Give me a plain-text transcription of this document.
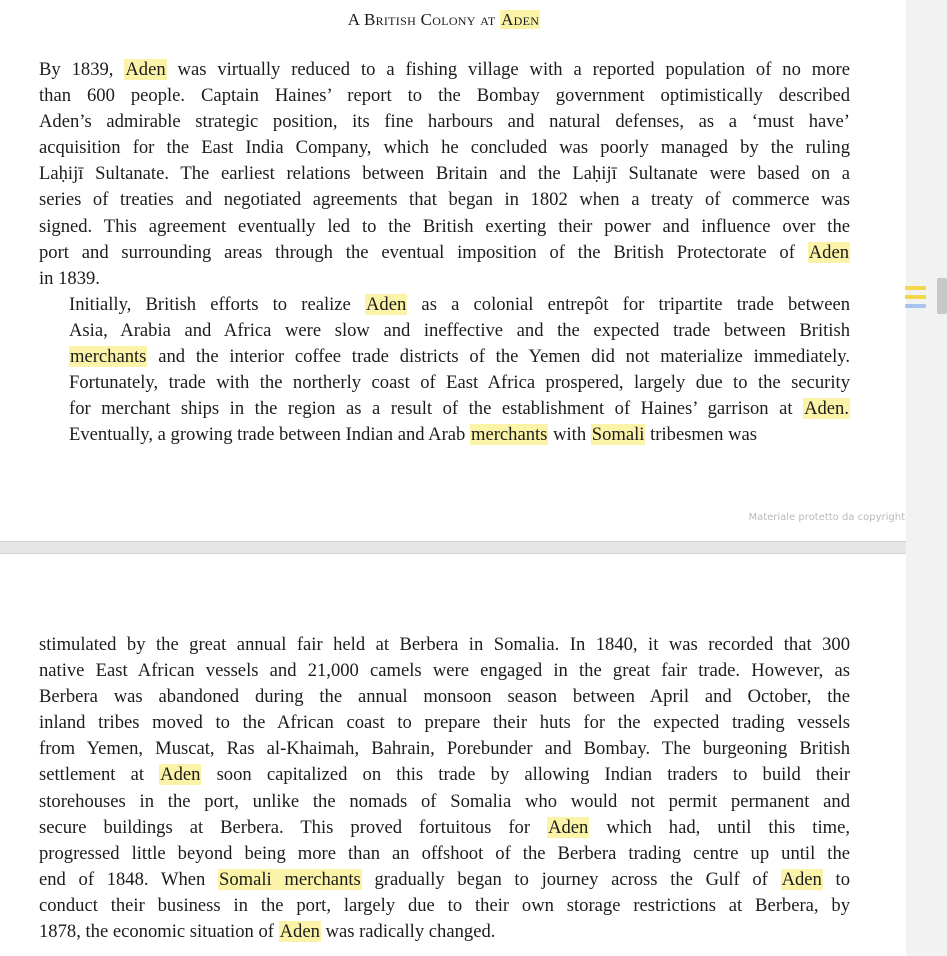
A British Colony at Aden

By 1839, Aden was virtually reduced to a fishing village with a reported population of no more
than 600 people. Captain Haines’ report to the Bombay government optimistically described
Aden’s admirable strategic position, its fine harbours and natural defenses, as a ‘must have’
acquisition for the East India Company, which he concluded was poorly managed by the ruling
Laḥijī Sultanate. The earliest relations between Britain and the Laḥijī Sultanate were based on a
series of treaties and negotiated agreements that began in 1802 when a treaty of commerce was
signed. This agreement eventually led to the British exerting their power and influence over the
port and surrounding areas through the eventual imposition of the British Protectorate of Aden
in 1839.

Initially, British efforts to realize Aden as a colonial entrepôt for tripartite trade between
Asia, Arabia and Africa were slow and ineffective and the expected trade between British
merchants and the interior coffee trade districts of the Yemen did not materialize immediately.
Fortunately, trade with the northerly coast of East Africa prospered, largely due to the security
for merchant ships in the region as a result of the establishment of Haines’ garrison at Aden.
Eventually, a growing trade between Indian and Arab merchants with Somali tribesmen was

Materiale protetto da copyright

stimulated by the great annual fair held at Berbera in Somalia. In 1840, it was recorded that 300
native East African vessels and 21,000 camels were engaged in the great fair trade. However, as
Berbera was abandoned during the annual monsoon season between April and October, the
inland tribes moved to the African coast to prepare their huts for the expected trading vessels
from Yemen, Muscat, Ras al-Khaimah, Bahrain, Porebunder and Bombay. The burgeoning British
settlement at Aden soon capitalized on this trade by allowing Indian traders to build their
storehouses in the port, unlike the nomads of Somalia who would not permit permanent and
secure buildings at Berbera. This proved fortuitous for Aden which had, until this time,
progressed little beyond being more than an offshoot of the Berbera trading centre up until the
end of 1848. When Somali merchants gradually began to journey across the Gulf of Aden to
conduct their business in the port, largely due to their own storage restrictions at Berbera, by
1878, the economic situation of Aden was radically changed.
